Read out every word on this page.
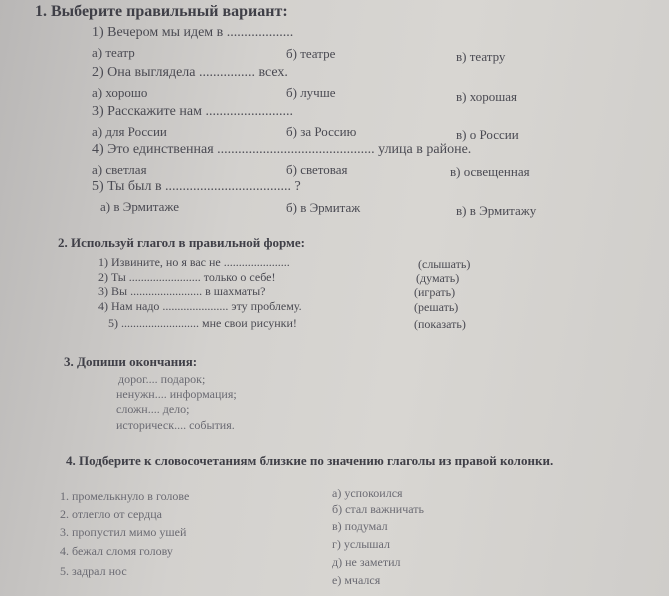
1. Выберите правильный вариант:
1) Вечером мы идем в ...................
а) театр	б) театре	в) театру
2) Она выглядела ................ всех.
а) хорошо	б) лучше	в) хорошая
3) Расскажите нам .........................
а) для России	б) за Россию	в) о России
4) Это единственная ............................................. улица в районе.
а) светлая	б) световая	в) освещенная
5) Ты был в .................................... ?
а) в Эрмитаже	б) в Эрмитаж	в) в Эрмитажу
2. Используй глагол в правильной форме:
1) Извините, но я вас не ......................	(слышать)
2) Ты ........................ только о себе!	(думать)
3) Вы ........................ в шахматы?	(играть)
4) Нам надо ...................... эту проблему.	(решать)
5) .......................... мне свои рисунки!	(показать)
3. Допиши окончания:
дорог.... подарок;
ненужн.... информация;
сложн.... дело;
историческ.... события.
4. Подберите к словосочетаниям близкие по значению глаголы из правой колонки.
1. промелькнуло в голове
2. отлегло от сердца
3. пропустил мимо ушей
4. бежал сломя голову
5. задрал нос
а) успокоился
б) стал важничать
в) подумал
г) услышал
д) не заметил
е) мчался
